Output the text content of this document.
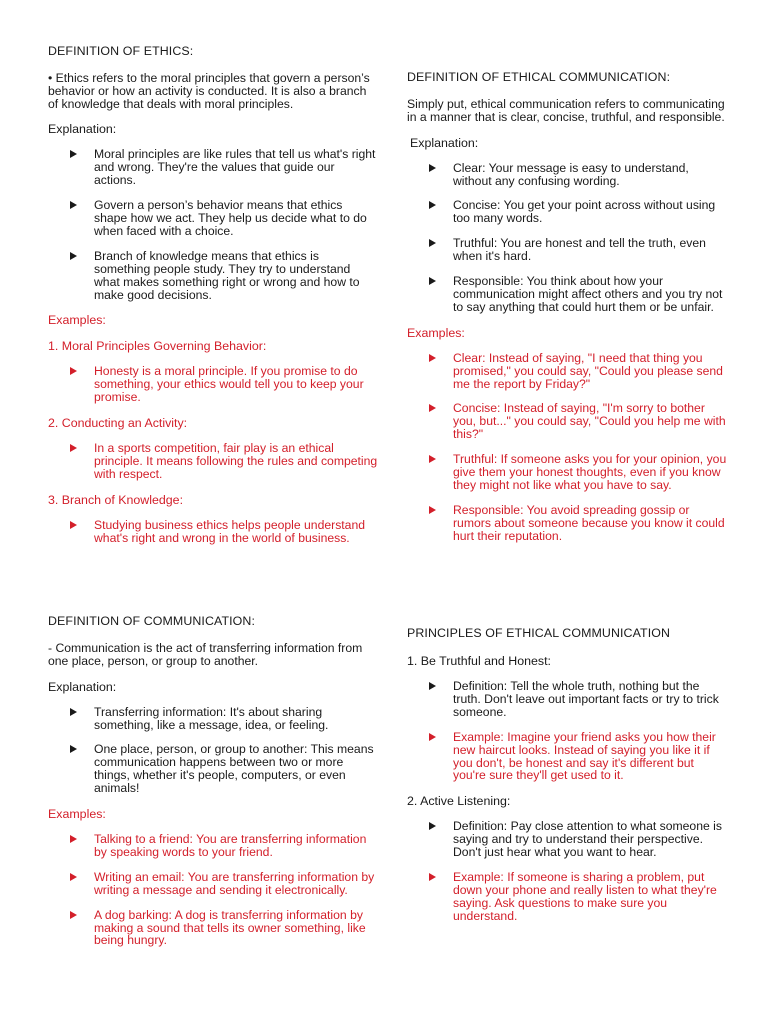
DEFINITION OF ETHICS:

• Ethics refers to the moral principles that govern a person’s behavior or how an activity is conducted. It is also a branch of knowledge that deals with moral principles.

Explanation:
Moral principles are like rules that tell us what's right and wrong. They're the values that guide our actions.
Govern a person’s behavior means that ethics shape how we act. They help us decide what to do when faced with a choice.
Branch of knowledge means that ethics is something people study. They try to understand what makes something right or wrong and how to make good decisions.
Examples:
1. Moral Principles Governing Behavior:
Honesty is a moral principle. If you promise to do something, your ethics would tell you to keep your promise.
2. Conducting an Activity:
In a sports competition, fair play is an ethical principle. It means following the rules and competing with respect.
3. Branch of Knowledge:
Studying business ethics helps people understand what's right and wrong in the world of business.
DEFINITION OF COMMUNICATION:

- Communication is the act of transferring information from one place, person, or group to another.

Explanation:
Transferring information: It's about sharing something, like a message, idea, or feeling.
One place, person, or group to another: This means communication happens between two or more things, whether it's people, computers, or even animals!
Examples:
Talking to a friend: You are transferring information by speaking words to your friend.
Writing an email: You are transferring information by writing a message and sending it electronically.
A dog barking: A dog is transferring information by making a sound that tells its owner something, like being hungry.
DEFINITION OF ETHICAL COMMUNICATION:

Simply put, ethical communication refers to communicating in a manner that is clear, concise, truthful, and responsible.

Explanation:
Clear: Your message is easy to understand, without any confusing wording.
Concise: You get your point across without using too many words.
Truthful: You are honest and tell the truth, even when it's hard.
Responsible: You think about how your communication might affect others and you try not to say anything that could hurt them or be unfair.
Examples:
Clear: Instead of saying, "I need that thing you promised," you could say, "Could you please send me the report by Friday?"
Concise: Instead of saying, "I'm sorry to bother you, but..." you could say, "Could you help me with this?"
Truthful: If someone asks you for your opinion, you give them your honest thoughts, even if you know they might not like what you have to say.
Responsible: You avoid spreading gossip or rumors about someone because you know it could hurt their reputation.
PRINCIPLES OF ETHICAL COMMUNICATION
1. Be Truthful and Honest:
Definition: Tell the whole truth, nothing but the truth. Don't leave out important facts or try to trick someone.
Example: Imagine your friend asks you how their new haircut looks. Instead of saying you like it if you don't, be honest and say it's different but you're sure they'll get used to it.
2. Active Listening:
Definition: Pay close attention to what someone is saying and try to understand their perspective. Don't just hear what you want to hear.
Example: If someone is sharing a problem, put down your phone and really listen to what they're saying. Ask questions to make sure you understand.
